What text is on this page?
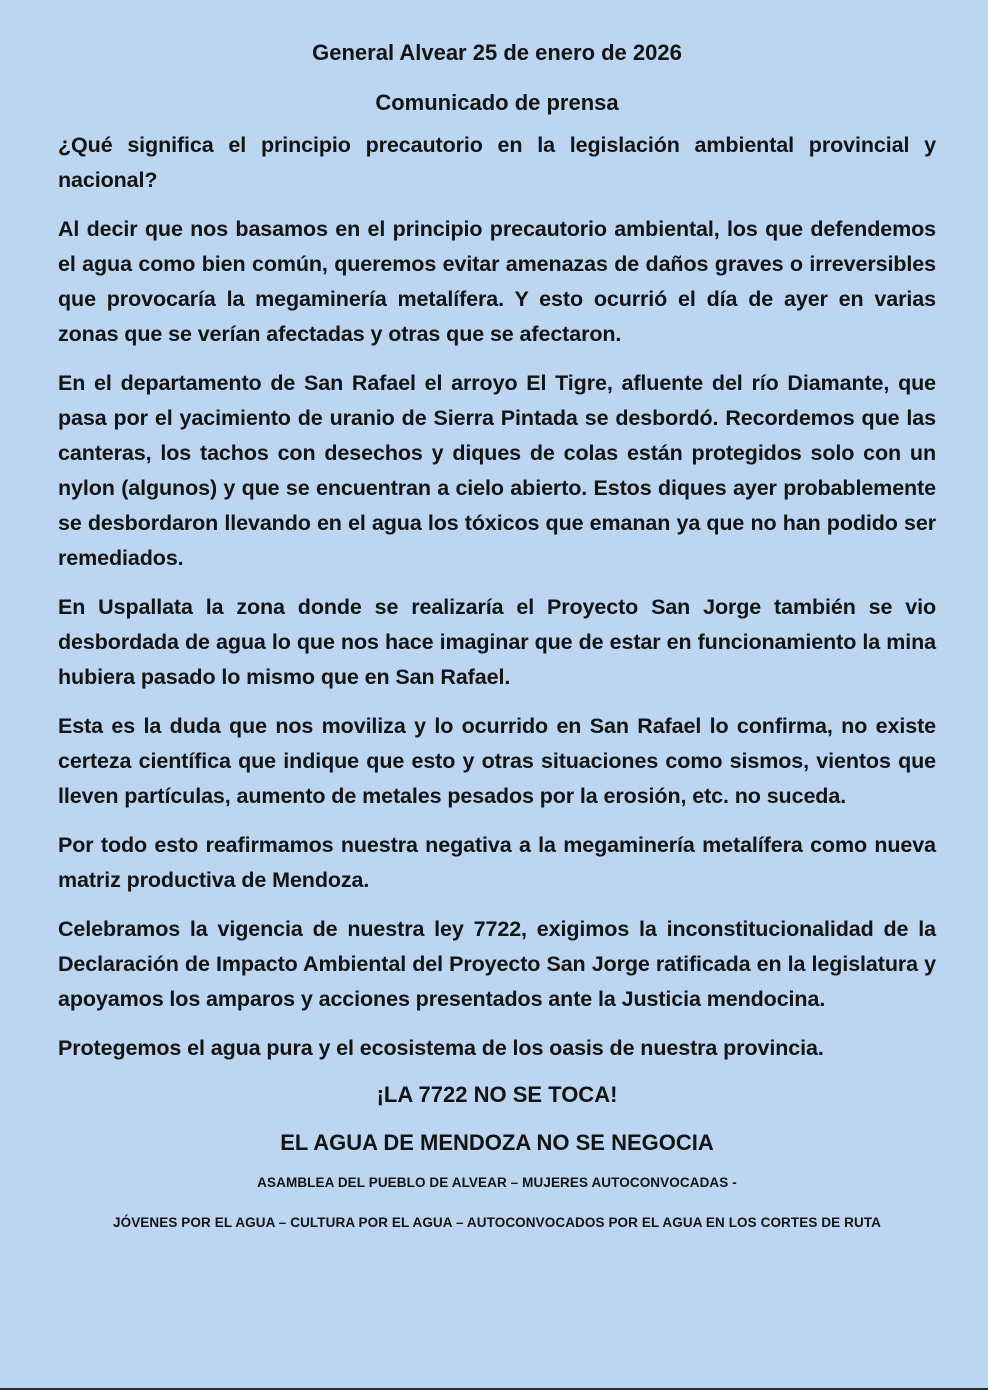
General Alvear 25 de enero de 2026
Comunicado de prensa

¿Qué significa el principio precautorio en la legislación ambiental provincial y nacional?

Al decir que nos basamos en el principio precautorio ambiental, los que defendemos el agua como bien común, queremos evitar amenazas de daños graves o irreversibles que provocaría la megaminería metalífera. Y esto ocurrió el día de ayer en varias zonas que se verían afectadas y otras que se afectaron.

En el departamento de San Rafael el arroyo El Tigre, afluente del río Diamante, que pasa por el yacimiento de uranio de Sierra Pintada se desbordó. Recordemos que las canteras, los tachos con desechos y diques de colas están protegidos solo con un nylon (algunos) y que se encuentran a cielo abierto. Estos diques ayer probablemente se desbordaron llevando en el agua los tóxicos que emanan ya que no han podido ser remediados.

En Uspallata la zona donde se realizaría el Proyecto San Jorge también se vio desbordada de agua lo que nos hace imaginar que de estar en funcionamiento la mina hubiera pasado lo mismo que en San Rafael.

Esta es la duda que nos moviliza y lo ocurrido en San Rafael lo confirma, no existe certeza científica que indique que esto y otras situaciones como sismos, vientos que lleven partículas, aumento de metales pesados por la erosión, etc. no suceda.

Por todo esto reafirmamos nuestra negativa a la megaminería metalífera como nueva matriz productiva de Mendoza.

Celebramos la vigencia de nuestra ley 7722, exigimos la inconstitucionalidad de la Declaración de Impacto Ambiental del Proyecto San Jorge ratificada en la legislatura y apoyamos los amparos y acciones presentados ante la Justicia mendocina.

Protegemos el agua pura y el ecosistema de los oasis de nuestra provincia.

¡LA 7722 NO SE TOCA!
EL AGUA DE MENDOZA NO SE NEGOCIA
ASAMBLEA DEL PUEBLO DE ALVEAR – MUJERES AUTOCONVOCADAS -
JÓVENES POR EL AGUA – CULTURA POR EL AGUA – AUTOCONVOCADOS POR EL AGUA EN LOS CORTES DE RUTA
